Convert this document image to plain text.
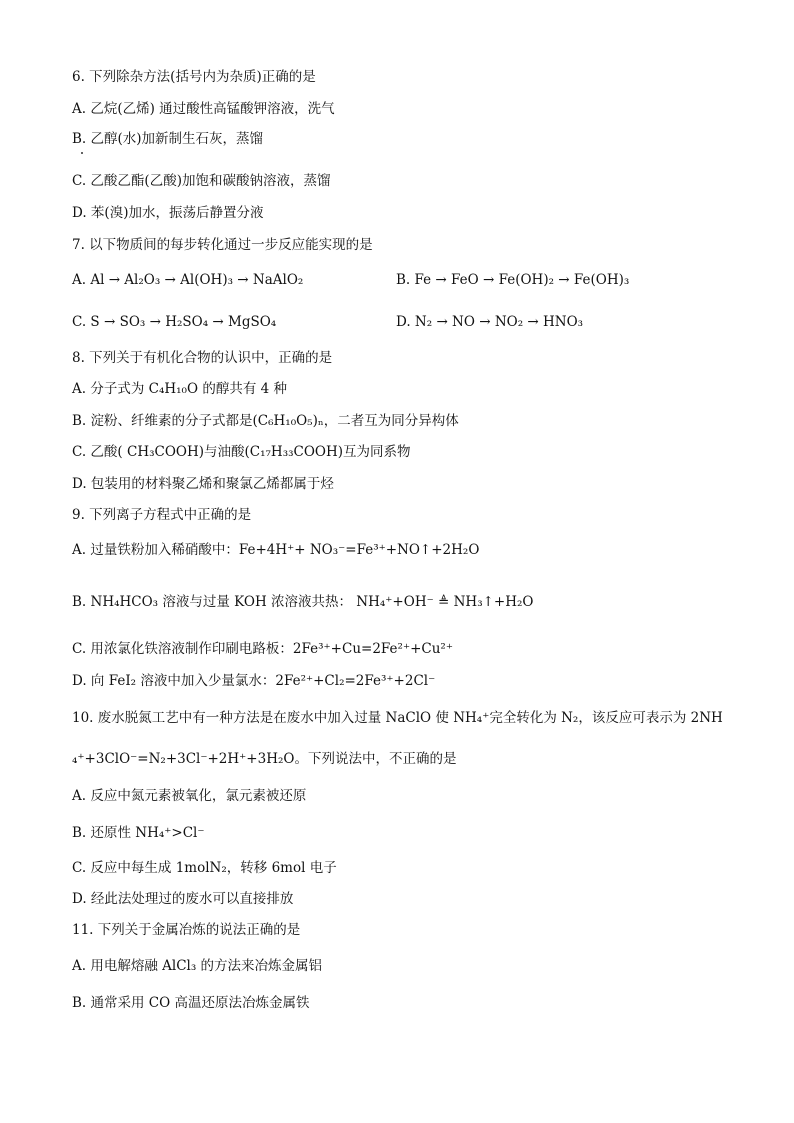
6. 下列除杂方法(括号内为杂质)正确的是
A. 乙烷(乙烯) 通过酸性高锰酸钾溶液，洗气
B. 乙醇(水)加新制生石灰，蒸馏
C. 乙酸乙酯(乙酸)加饱和碳酸钠溶液，蒸馏
D. 苯(溴)加水，振荡后静置分液
7. 以下物质间的每步转化通过一步反应能实现的是
A. Al → Al₂O₃ → Al(OH)₃ → NaAlO₂	B. Fe → FeO → Fe(OH)₂ → Fe(OH)₃
C. S → SO₃ → H₂SO₄ → MgSO₄	D. N₂ → NO → NO₂ → HNO₃
8. 下列关于有机化合物的认识中，正确的是
A. 分子式为 C₄H₁₀O 的醇共有 4 种
B. 淀粉、纤维素的分子式都是(C₆H₁₀O₅)ₙ，二者互为同分异构体
C. 乙酸( CH₃COOH)与油酸(C₁₇H₃₃COOH)互为同系物
D. 包装用的材料聚乙烯和聚氯乙烯都属于烃
9. 下列离子方程式中正确的是
A. 过量铁粉加入稀硝酸中：Fe+4H⁺+ NO₃⁻=Fe³⁺+NO↑+2H₂O
B. NH₄HCO₃ 溶液与过量 KOH 浓溶液共热： NH₄⁺+OH⁻ ≜ NH₃↑+H₂O
C. 用浓氯化铁溶液制作印刷电路板：2Fe³⁺+Cu=2Fe²⁺+Cu²⁺
D. 向 FeI₂ 溶液中加入少量氯水：2Fe²⁺+Cl₂=2Fe³⁺+2Cl⁻
10. 废水脱氮工艺中有一种方法是在废水中加入过量 NaClO 使 NH₄⁺完全转化为 N₂，该反应可表示为 2NH
₄⁺+3ClO⁻=N₂+3Cl⁻+2H⁺+3H₂O。下列说法中，不正确的是
A. 反应中氮元素被氧化，氯元素被还原
B. 还原性 NH₄⁺>Cl⁻
C. 反应中每生成 1molN₂，转移 6mol 电子
D. 经此法处理过的废水可以直接排放
11. 下列关于金属冶炼的说法正确的是
A. 用电解熔融 AlCl₃ 的方法来冶炼金属铝
B. 通常采用 CO 高温还原法冶炼金属铁
